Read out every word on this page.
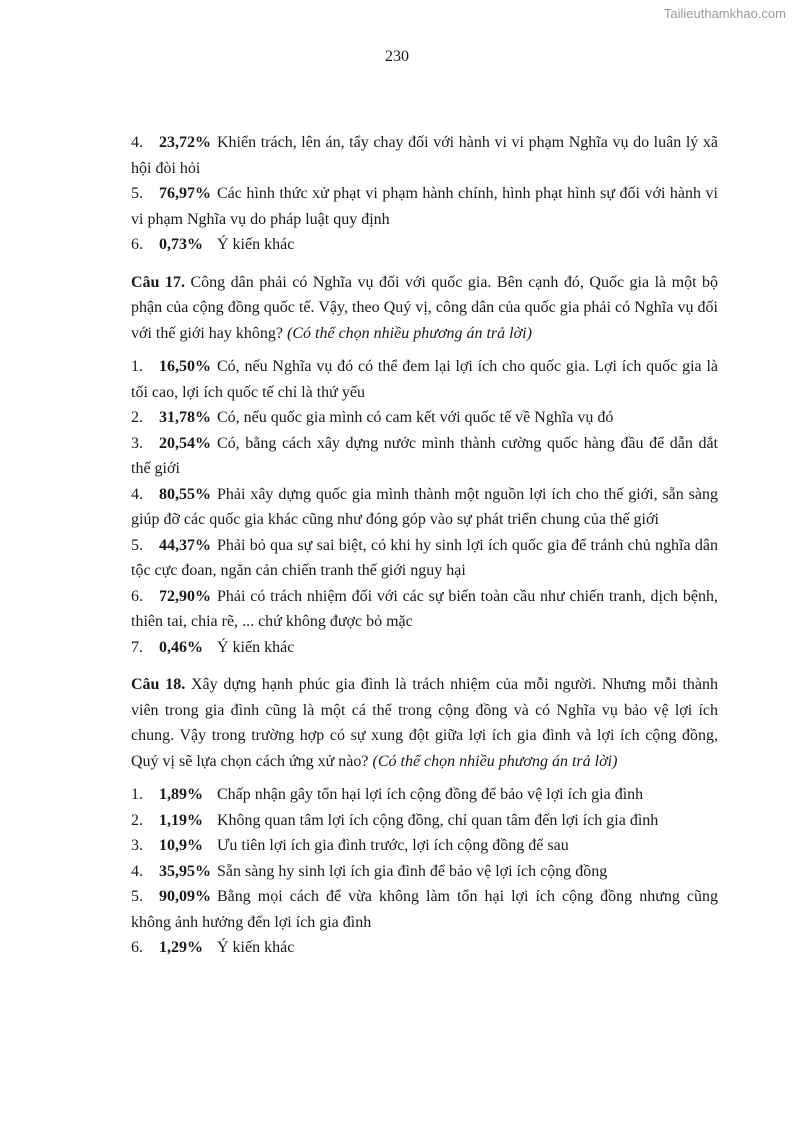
Tailieuthamkhao.com
230

4. 23,72% Khiển trách, lên án, tẩy chay đối với hành vi vi phạm Nghĩa vụ do luân lý xã hội đòi hỏi

5. 76,97% Các hình thức xử phạt vi phạm hành chính, hình phạt hình sự đối với hành vi vi phạm Nghĩa vụ do pháp luật quy định

6. 0,73% Ý kiến khác

Câu 17. Công dân phải có Nghĩa vụ đối với quốc gia. Bên cạnh đó, Quốc gia là một bộ phận của cộng đồng quốc tế. Vậy, theo Quý vị, công dân của quốc gia phải có Nghĩa vụ đối với thế giới hay không? (Có thể chọn nhiều phương án trả lời)

1. 16,50% Có, nếu Nghĩa vụ đó có thể đem lại lợi ích cho quốc gia. Lợi ích quốc gia là tối cao, lợi ích quốc tế chỉ là thứ yếu

2. 31,78% Có, nếu quốc gia mình có cam kết với quốc tế về Nghĩa vụ đó

3. 20,54% Có, bằng cách xây dựng nước mình thành cường quốc hàng đầu để dẫn dắt thế giới

4. 80,55% Phải xây dựng quốc gia mình thành một nguồn lợi ích cho thế giới, sẵn sàng giúp đỡ các quốc gia khác cũng như đóng góp vào sự phát triển chung của thế giới

5. 44,37% Phải bỏ qua sự sai biệt, có khi hy sinh lợi ích quốc gia để tránh chủ nghĩa dân tộc cực đoan, ngăn cản chiến tranh thế giới nguy hại

6. 72,90% Phải có trách nhiệm đối với các sự biến toàn cầu như chiến tranh, dịch bệnh, thiên tai, chia rẽ, ... chứ không được bỏ mặc

7. 0,46% Ý kiến khác

Câu 18. Xây dựng hạnh phúc gia đình là trách nhiệm của mỗi người. Nhưng mỗi thành viên trong gia đình cũng là một cá thể trong cộng đồng và có Nghĩa vụ bảo vệ lợi ích chung. Vậy trong trường hợp có sự xung đột giữa lợi ích gia đình và lợi ích cộng đồng, Quý vị sẽ lựa chọn cách ứng xử nào? (Có thể chọn nhiều phương án trả lời)

1. 1,89% Chấp nhận gây tổn hại lợi ích cộng đồng để bảo vệ lợi ích gia đình

2. 1,19% Không quan tâm lợi ích cộng đồng, chỉ quan tâm đến lợi ích gia đình

3. 10,9% Ưu tiên lợi ích gia đình trước, lợi ích cộng đồng để sau

4. 35,95% Sẵn sàng hy sinh lợi ích gia đình để bảo vệ lợi ích cộng đồng

5. 90,09% Bằng mọi cách để vừa không làm tổn hại lợi ích cộng đồng nhưng cũng không ảnh hưởng đến lợi ích gia đình

6. 1,29% Ý kiến khác
